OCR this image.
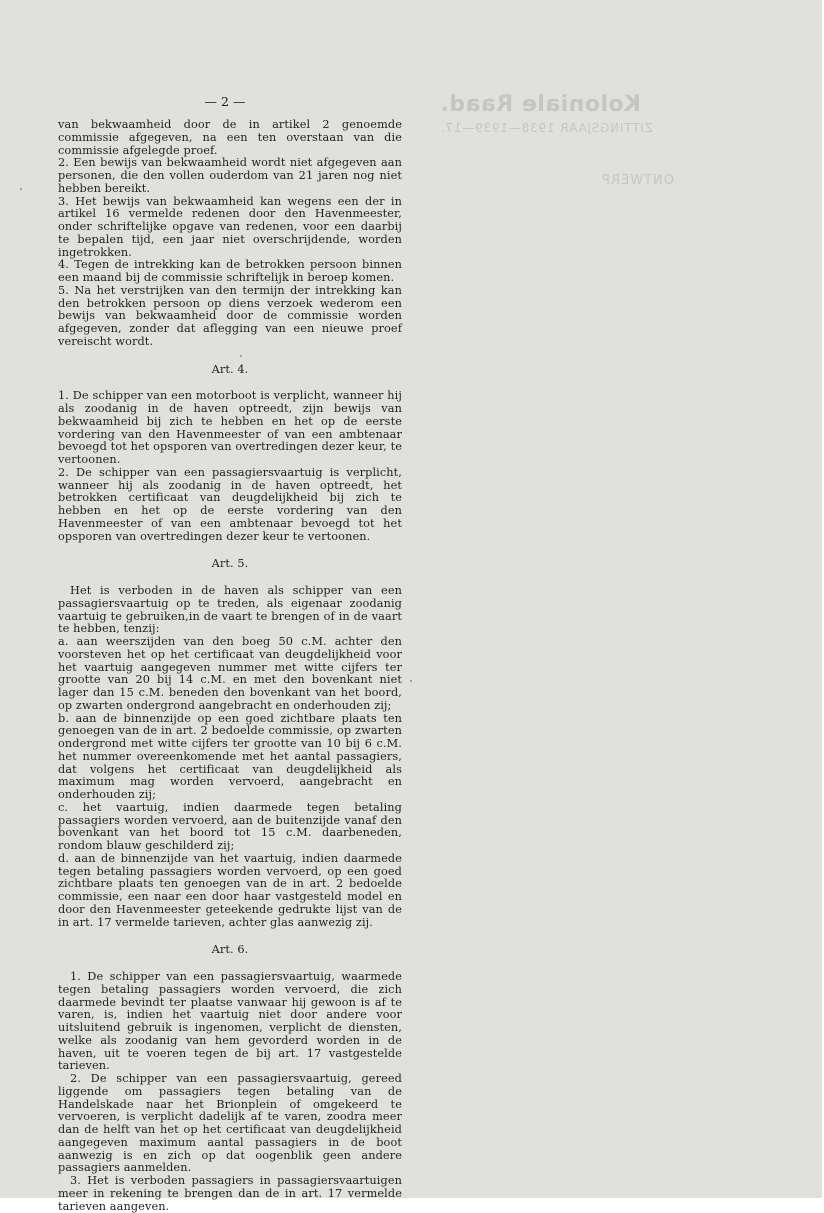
Koloniale Raad.
ZITTINGSJAAR 1938—1939—17.
ONTWERP
— 2 —

van bekwaamheid door de in artikel 2 genoemde commissie afgegeven, na een ten overstaan van die commissie afgelegde proef.

2. Een bewijs van bekwaamheid wordt niet afgegeven aan personen, die den vollen ouderdom van 21 jaren nog niet hebben bereikt.

3. Het bewijs van bekwaamheid kan wegens een der in artikel 16 vermelde redenen door den Havenmeester, onder schriftelijke opgave van redenen, voor een daarbij te bepalen tijd, een jaar niet overschrijdende, worden ingetrokken.

4. Tegen de intrekking kan de betrokken persoon binnen een maand bij de commissie schriftelijk in beroep komen.

5. Na het verstrijken van den termijn der intrekking kan den betrokken persoon op diens verzoek wederom een bewijs van bekwaamheid door de commissie worden afgegeven, zonder dat aflegging van een nieuwe proef vereischt wordt.

Art. 4.

1. De schipper van een motorboot is verplicht, wanneer hij als zoodanig in de haven optreedt, zijn bewijs van bekwaamheid bij zich te hebben en het op de eerste vordering van den Havenmeester of van een ambtenaar bevoegd tot het opsporen van overtredingen dezer keur, te vertoonen.

2. De schipper van een passagiersvaartuig is verplicht, wanneer hij als zoodanig in de haven optreedt, het betrokken certificaat van deugdelijkheid bij zich te hebben en het op de eerste vordering van den Havenmeester of van een ambtenaar bevoegd tot het opsporen van overtredingen dezer keur te vertoonen.

Art. 5.

Het is verboden in de haven als schipper van een passagiersvaartuig op te treden, als eigenaar zoodanig vaartuig te gebruiken,in de vaart te brengen of in de vaart te hebben, tenzij:

a. aan weerszijden van den boeg 50 c.M. achter den voorsteven het op het certificaat van deugdelijkheid voor het vaartuig aangegeven nummer met witte cijfers ter grootte van 20 bij 14 c.M. en met den bovenkant niet lager dan 15 c.M. beneden den bovenkant van het boord, op zwarten ondergrond aangebracht en onderhouden zij;

b. aan de binnenzijde op een goed zichtbare plaats ten genoegen van de in art. 2 bedoelde commissie, op zwarten ondergrond met witte cijfers ter grootte van 10 bij 6 c.M. het nummer overeenkomende met het aantal passagiers, dat volgens het certificaat van deugdelijkheid als maximum mag worden vervoerd, aangebracht en onderhouden zij;

c. het vaartuig, indien daarmede tegen betaling passagiers worden vervoerd, aan de buitenzijde vanaf den bovenkant van het boord tot 15 c.M. daarbeneden, rondom blauw geschilderd zij;

d. aan de binnenzijde van het vaartuig, indien daarmede tegen betaling passagiers worden vervoerd, op een goed zichtbare plaats ten genoegen van de in art. 2 bedoelde commissie, een naar een door haar vastgesteld model en door den Havenmeester geteekende gedrukte lijst van de in art. 17 vermelde tarieven, achter glas aanwezig zij.

Art. 6.

1. De schipper van een passagiersvaartuig, waarmede tegen betaling passagiers worden vervoerd, die zich daarmede bevindt ter plaatse vanwaar hij gewoon is af te varen, is, indien het vaartuig niet door andere voor uitsluitend gebruik is ingenomen, verplicht de diensten, welke als zoodanig van hem gevorderd worden in de haven, uit te voeren tegen de bij art. 17 vastgestelde tarieven.

2. De schipper van een passagiersvaartuig, gereed liggende om passagiers tegen betaling van de Handelskade naar het Brionplein of omgekeerd te vervoeren, is verplicht dadelijk af te varen, zoodra meer dan de helft van het op het certificaat van deugdelijkheid aangegeven maximum aantal passagiers in de boot aanwezig is en zich op dat oogenblik geen andere passagiers aanmelden.

3. Het is verboden passagiers in passagiersvaartuigen meer in rekening te brengen dan de in art. 17 vermelde tarieven aangeven.
